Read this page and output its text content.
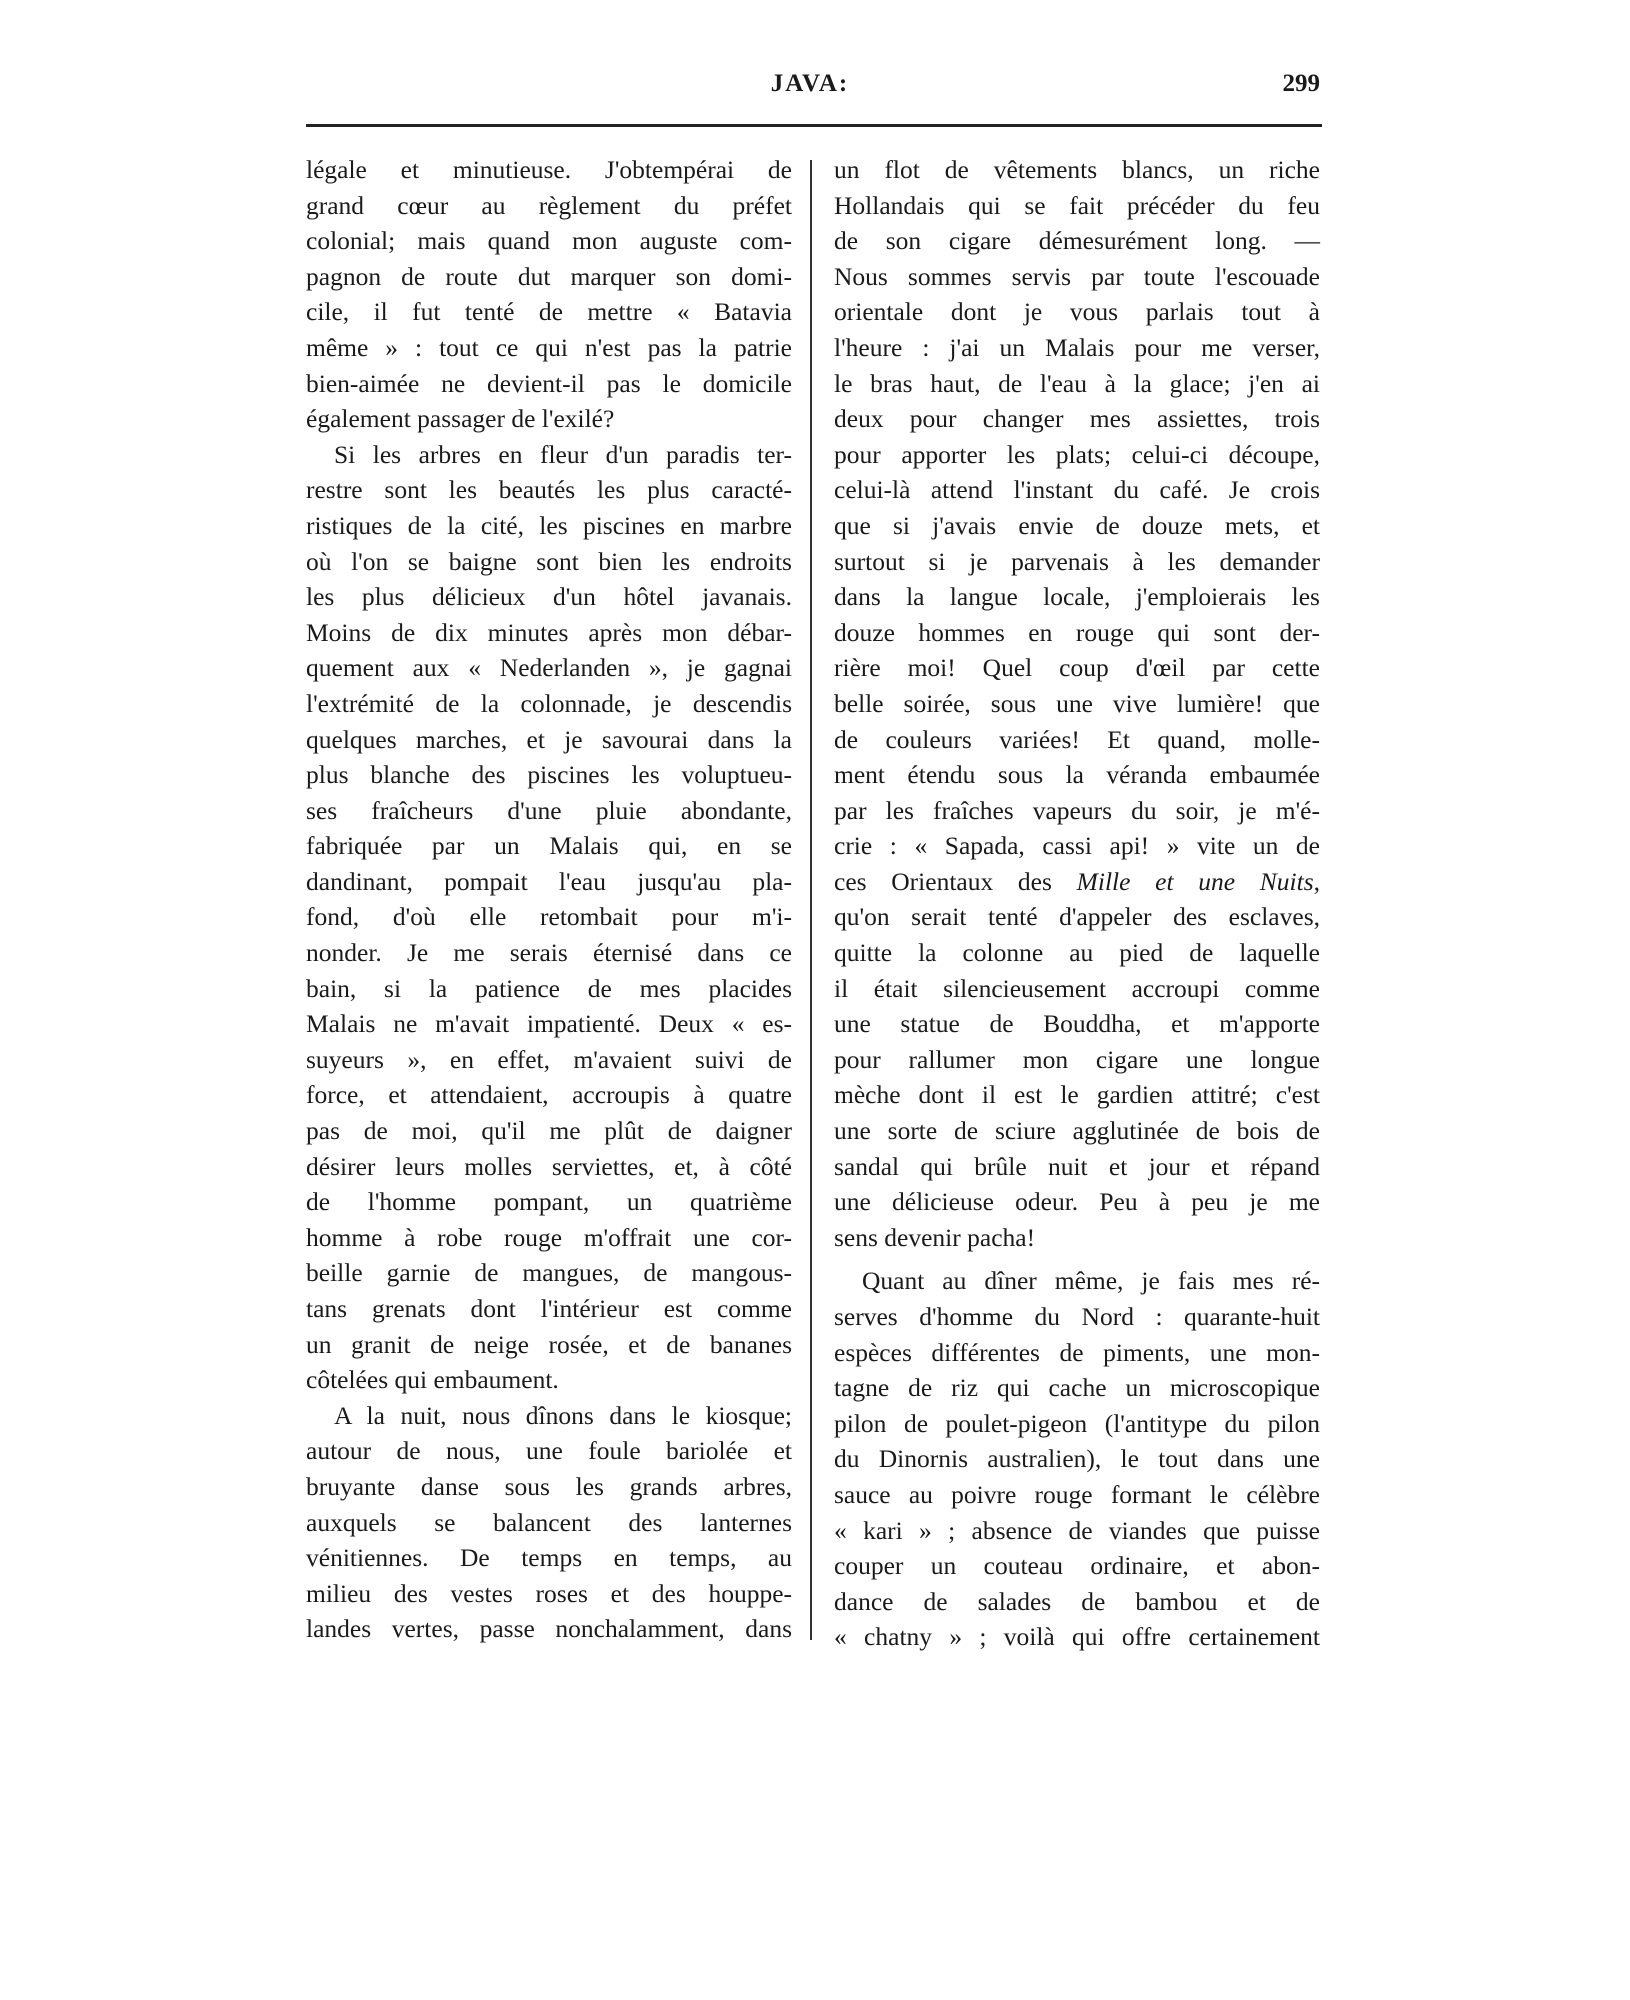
JAVA:	299
légale et minutieuse. J'obtempérai de
grand cœur au règlement du préfet
colonial; mais quand mon auguste com-
pagnon de route dut marquer son domi-
cile, il fut tenté de mettre « Batavia
même » : tout ce qui n'est pas la patrie
bien-aimée ne devient-il pas le domicile
également passager de l'exilé?
Si les arbres en fleur d'un paradis ter-
restre sont les beautés les plus caracté-
ristiques de la cité, les piscines en marbre
où l'on se baigne sont bien les endroits
les plus délicieux d'un hôtel javanais.
Moins de dix minutes après mon débar-
quement aux « Nederlanden », je gagnai
l'extrémité de la colonnade, je descendis
quelques marches, et je savourai dans la
plus blanche des piscines les voluptueu-
ses fraîcheurs d'une pluie abondante,
fabriquée par un Malais qui, en se
dandinant, pompait l'eau jusqu'au pla-
fond, d'où elle retombait pour m'i-
nonder. Je me serais éternisé dans ce
bain, si la patience de mes placides
Malais ne m'avait impatienté. Deux « es-
suyeurs », en effet, m'avaient suivi de
force, et attendaient, accroupis à quatre
pas de moi, qu'il me plût de daigner
désirer leurs molles serviettes, et, à côté
de l'homme pompant, un quatrième
homme à robe rouge m'offrait une cor-
beille garnie de mangues, de mangous-
tans grenats dont l'intérieur est comme
un granit de neige rosée, et de bananes
côtelées qui embaument.
A la nuit, nous dînons dans le kiosque;
autour de nous, une foule bariolée et
bruyante danse sous les grands arbres,
auxquels se balancent des lanternes
vénitiennes. De temps en temps, au
milieu des vestes roses et des houppe-
landes vertes, passe nonchalamment, dans
un flot de vêtements blancs, un riche
Hollandais qui se fait précéder du feu
de son cigare démesurément long. —
Nous sommes servis par toute l'escouade
orientale dont je vous parlais tout à
l'heure : j'ai un Malais pour me verser,
le bras haut, de l'eau à la glace; j'en ai
deux pour changer mes assiettes, trois
pour apporter les plats; celui-ci découpe,
celui-là attend l'instant du café. Je crois
que si j'avais envie de douze mets, et
surtout si je parvenais à les demander
dans la langue locale, j'emploierais les
douze hommes en rouge qui sont der-
rière moi! Quel coup d'œil par cette
belle soirée, sous une vive lumière! que
de couleurs variées! Et quand, molle-
ment étendu sous la véranda embaumée
par les fraîches vapeurs du soir, je m'é-
crie : « Sapada, cassi api! » vite un de
ces Orientaux des Mille et une Nuits,
qu'on serait tenté d'appeler des esclaves,
quitte la colonne au pied de laquelle
il était silencieusement accroupi comme
une statue de Bouddha, et m'apporte
pour rallumer mon cigare une longue
mèche dont il est le gardien attitré; c'est
une sorte de sciure agglutinée de bois de
sandal qui brûle nuit et jour et répand
une délicieuse odeur. Peu à peu je me
sens devenir pacha!
Quant au dîner même, je fais mes ré-
serves d'homme du Nord : quarante-huit
espèces différentes de piments, une mon-
tagne de riz qui cache un microscopique
pilon de poulet-pigeon (l'antitype du pilon
du Dinornis australien), le tout dans une
sauce au poivre rouge formant le célèbre
« kari » ; absence de viandes que puisse
couper un couteau ordinaire, et abon-
dance de salades de bambou et de
« chatny » ; voilà qui offre certainement
